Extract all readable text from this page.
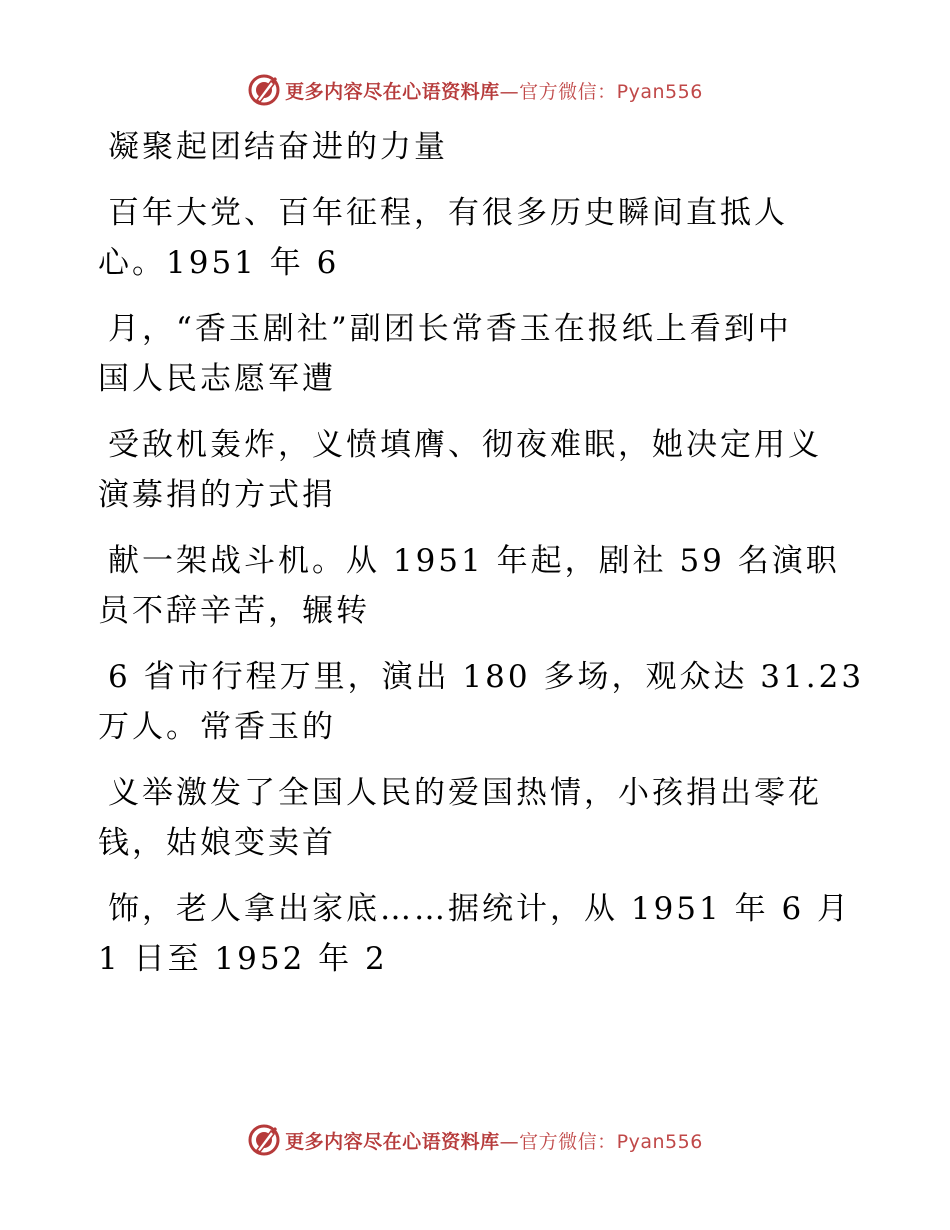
更多内容尽在心语资料库—官方微信：Pyan556
凝聚起团结奋进的力量
百年大党、百年征程，有很多历史瞬间直抵人
心。1951 年 6
月，“香玉剧社”副团长常香玉在报纸上看到中
国人民志愿军遭
受敌机轰炸，义愤填膺、彻夜难眠，她决定用义
演募捐的方式捐
献一架战斗机。从 1951 年起，剧社 59 名演职
员不辞辛苦，辗转
6 省市行程万里，演出 180 多场，观众达 31.23
万人。常香玉的
义举激发了全国人民的爱国热情，小孩捐出零花
钱，姑娘变卖首
饰，老人拿出家底……据统计，从 1951 年 6 月
1 日至 1952 年 2
更多内容尽在心语资料库—官方微信：Pyan556
